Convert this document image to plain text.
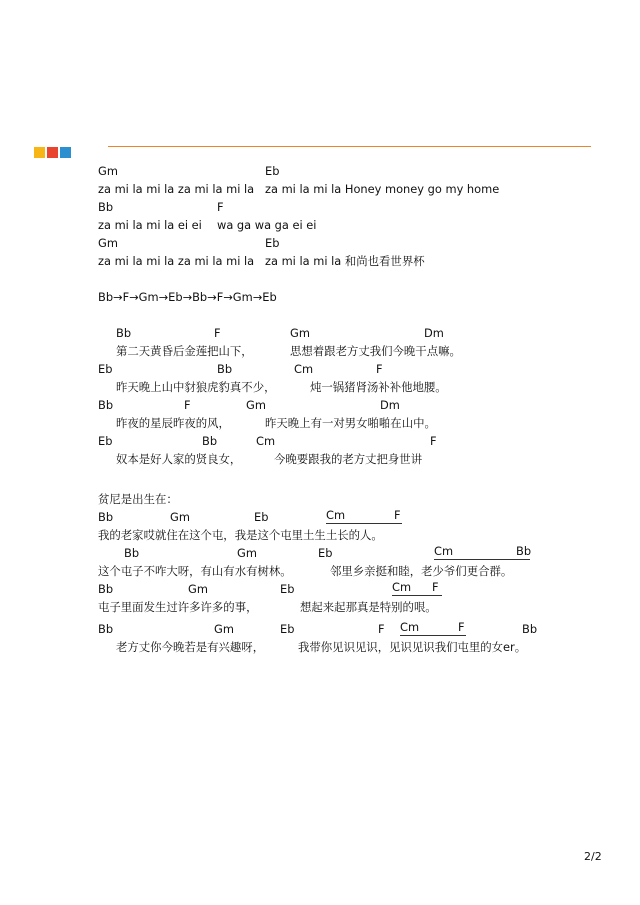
Gm	Eb
za mi la mi la za mi la mi la za mi la mi la Honey money go my home
Bb	F
za mi la mi la ei ei wa ga wa ga ei ei
Gm	Eb
za mi la mi la za mi la mi la za mi la mi la 和尚也看世界杯
Bb→F→Gm→Eb→Bb→F→Gm→Eb
Bb	F	Gm	Dm
第二天黄昏后金莲把山下，	思想着跟老方丈我们今晚干点嘛。
Eb	Bb	Cm	F
昨天晚上山中豺狼虎豹真不少，	炖一锅猪肾汤补补他地腰。
Bb	F	Gm	Dm
昨夜的星辰昨夜的风，	昨天晚上有一对男女啪啪在山中。
Eb	Bb	Cm	F
奴本是好人家的贤良女，	今晚要跟我的老方丈把身世讲
贫尼是出生在：
Bb	Gm	Eb	Cm	F
我的老家哎就住在这个屯，我是这个屯里土生土长的人。
Bb	Gm	Eb	Cm	Bb
这个屯子不咋大呀，有山有水有树林。	邻里乡亲挺和睦，老少爷们更合群。
Bb	Gm	Eb	Cm F
屯子里面发生过许多许多的事，	想起来起那真是特别的哏。
Bb	Gm	Eb	F Cm	F	Bb
老方丈你今晚若是有兴趣呀，	我带你见识见识，见识见识我们屯里的女er。
2/2
